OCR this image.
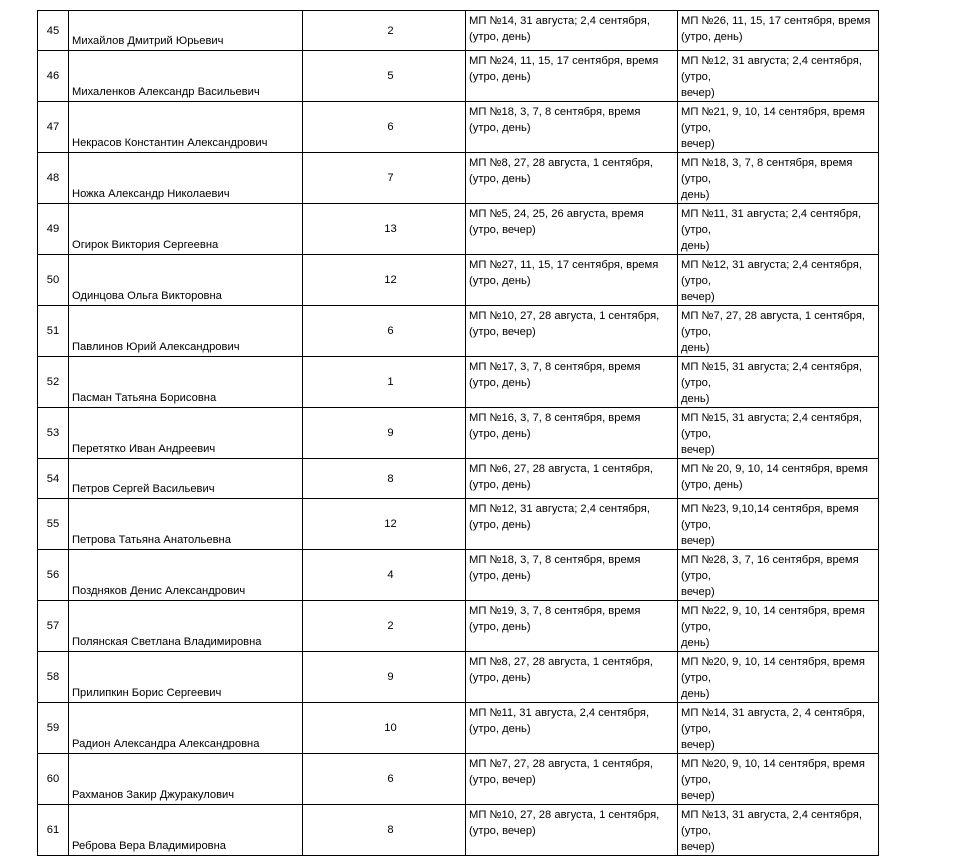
45	Михайлов Дмитрий Юрьевич	2	МП №14, 31 августа; 2,4 сентября,
(утро, день)	МП №26, 11, 15, 17 сентября, время
(утро, день)

46	Михаленков Александр Васильевич	5	МП №24, 11, 15, 17 сентября, время
(утро, день)	МП №12, 31 августа; 2,4 сентября, (утро,
вечер)

47	Некрасов Константин Александрович	6	МП №18, 3, 7, 8 сентября, время
(утро, день)	МП №21, 9, 10, 14 сентября, время (утро,
вечер)

48	Ножка Александр Николаевич	7	МП №8, 27, 28 августа, 1 сентября,
(утро, день)	МП №18, 3, 7, 8 сентября, время (утро,
день)

49	Огирок Виктория Сергеевна	13	МП №5, 24, 25, 26 августа, время
(утро, вечер)	МП №11, 31 августа; 2,4 сентября, (утро,
день)

50	Одинцова Ольга Викторовна	12	МП №27, 11, 15, 17 сентября, время
(утро, день)	МП №12, 31 августа; 2,4 сентября, (утро,
вечер)

51	Павлинов Юрий Александрович	6	МП №10, 27, 28 августа, 1 сентября,
(утро, вечер)	МП №7, 27, 28 августа, 1 сентября, (утро,
день)

52	Пасман Татьяна Борисовна	1	МП №17, 3, 7, 8 сентября, время
(утро, день)	МП №15, 31 августа; 2,4 сентября, (утро,
день)

53	Перетятко Иван Андреевич	9	МП №16, 3, 7, 8 сентября, время
(утро, день)	МП №15, 31 августа; 2,4 сентября, (утро,
вечер)

54	Петров Сергей Васильевич	8	МП №6, 27, 28 августа, 1 сентября,
(утро, день)	МП № 20, 9, 10, 14 сентября, время
(утро, день)

55	Петрова Татьяна Анатольевна	12	МП №12, 31 августа; 2,4 сентября,
(утро, день)	МП №23, 9,10,14 сентября, время (утро,
вечер)

56	Поздняков Денис Александрович	4	МП №18, 3, 7, 8 сентября, время
(утро, день)	МП №28, 3, 7, 16 сентября, время (утро,
вечер)

57	Полянская Светлана Владимировна	2	МП №19, 3, 7, 8 сентября, время
(утро, день)	МП №22, 9, 10, 14 сентября, время (утро,
день)

58	Прилипкин Борис Сергеевич	9	МП №8, 27, 28 августа, 1 сентября,
(утро, день)	МП №20, 9, 10, 14 сентября, время (утро,
день)

59	Радион Александра Александровна	10	МП №11, 31 августа, 2,4 сентября,
(утро, день)	МП №14, 31 августа, 2, 4 сентября, (утро,
вечер)

60	Рахманов Закир Джуракулович	6	МП №7, 27, 28 августа, 1 сентября,
(утро, вечер)	МП №20, 9, 10, 14 сентября, время (утро,
вечер)

61	Реброва Вера Владимировна	8	МП №10, 27, 28 августа, 1 сентября,
(утро, вечер)	МП №13, 31 августа, 2,4 сентября, (утро,
вечер)
